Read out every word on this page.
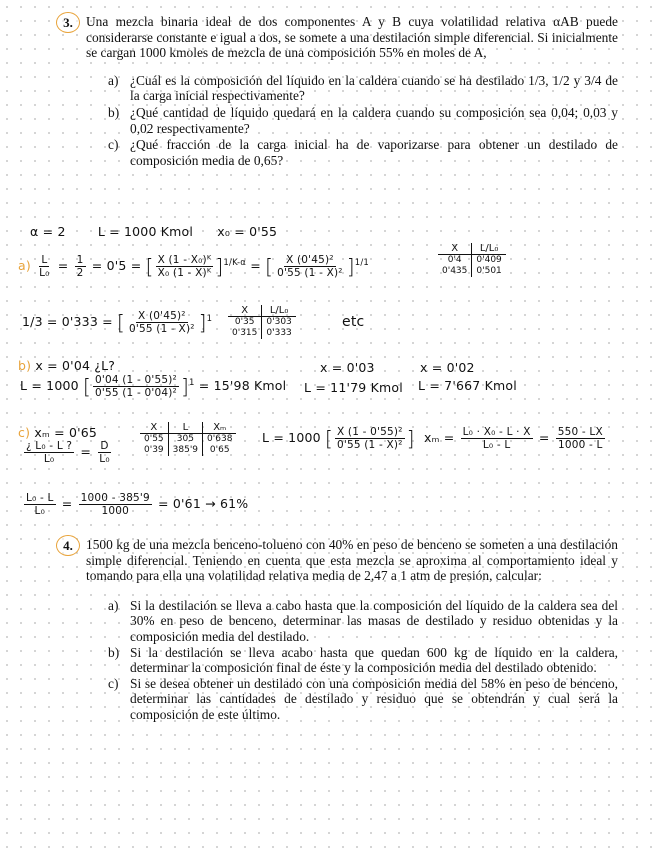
3. Una mezcla binaria ideal de dos componentes A y B cuya volatilidad relativa αAB puede considerarse constante e igual a dos, se somete a una destilación simple diferencial. Si inicialmente se cargan 1000 kmoles de mezcla de una composición 55% en moles de A,
a) ¿Cuál es la composición del líquido en la caldera cuando se ha destilado 1/3, 1/2 y 3/4 de la carga inicial respectivamente?
b) ¿Qué cantidad de líquido quedará en la caldera cuando su composición sea 0,04; 0,03 y 0,02 respectivamente?
c) ¿Qué fracción de la carga inicial ha de vaporizarse para obtener un destilado de composición media de 0,65?
α = 2	L = 1000 Kmol x₀ = 0'55
$a) \frac{L}{\text{L₀}} = \frac{1}{2} = 0'5$ = [ $\frac{\text{X (1 - X₀)ᴷ}}{\text{X₀ (1 - X)ᴷ}} ]^{1/K-\alpha}$ = [ $\frac{\text{X (0'45)²}}{\text{0'55 (1 - X)²}} ]^{1/1}$
X	L/L₀
0'4	0'409
0'435	0'501
1/3 = 0'333 = [ $\frac{\text{X (0'45)²}}{\text{0'55 (1 - X)²}} ]^1$
X	L/L₀
0'35	0'303
0'315	0'333
etc
b) x = 0'04 ¿L?
L = 1000 [ $\frac{\text{0'04 (1 - 0'55)²}}{\text{0'55 (1 - 0'04)²}} ]^1 = 15'98$ Kmol
x = 0'03
L = 11'79 Kmol
x = 0'02
L = 7'667 Kmol
c) xₘ = 0'65
$\frac{\text{¿ L₀ - L ?}}{\text{L₀}} = \frac{D}{\text{L₀}}$
X	L	Xₘ
0'55	305	0'638
0'39	385'9	0'65
L = 1000 [ $\frac{\text{X (1 - 0'55)²}}{\text{0'55 (1 - X)²}}$ ] $x_m = \frac{\text{L₀ · X₀ - L · X}}{\text{L₀ - L}} = \frac{550 - LX}{1000 - L}$
$\frac{\text{L₀ - L}}{\text{L₀}} = \frac{1000 - 385'9}{1000} = 0'61 \to 61\%$
4. 1500 kg de una mezcla benceno-tolueno con 40% en peso de benceno se someten a una destilación simple diferencial. Teniendo en cuenta que esta mezcla se aproxima al comportamiento ideal y tomando para ella una volatilidad relativa media de 2,47 a 1 atm de presión, calcular:
a) Si la destilación se lleva a cabo hasta que la composición del líquido de la caldera sea del 30% en peso de benceno, determinar las masas de destilado y residuo obtenidas y la composición media del destilado.
b) Si la destilación se lleva acabo hasta que quedan 600 kg de líquido en la caldera, determinar la composición final de éste y la composición media del destilado obtenido.
c) Si se desea obtener un destilado con una composición media del 58% en peso de benceno, determinar las cantidades de destilado y residuo que se obtendrán y cual será la composición de este último.
